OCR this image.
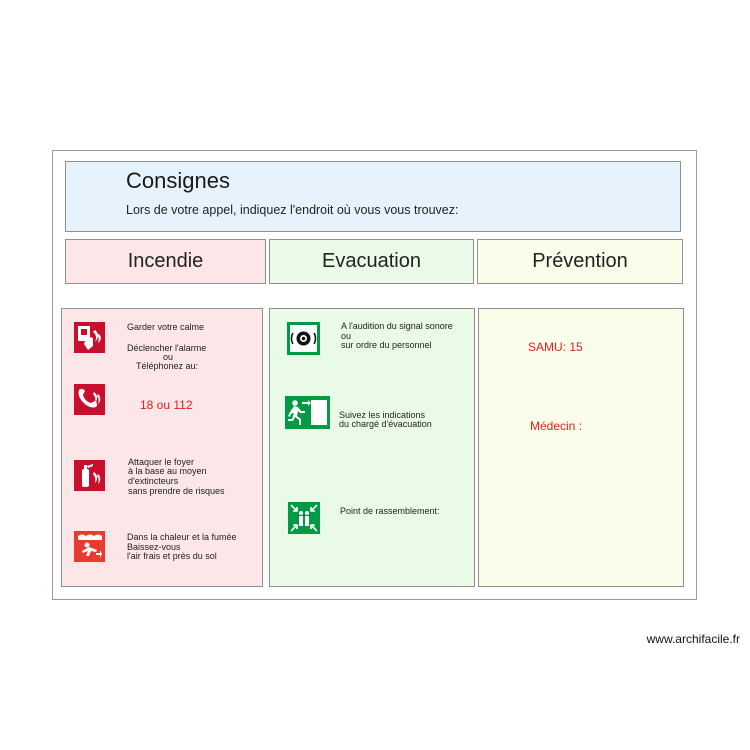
Consignes
Lors de votre appel, indiquez l'endroit où vous vous trouvez:
Incendie	Evacuation	Prévention
Garder votre calme
Déclencher l'alarme
ou
Téléphonez au:
18 ou 112
Attaquer le foyer
à la base au moyen
d'extincteurs
sans prendre de risques
Dans la chaleur et la fumée
Baissez-vous
l'air frais et près du sol
A l'audition du signal sonore
ou
sur ordre du personnel
Suivez les indications
du chargé d'évacuation
Point de rassemblement:
SAMU: 15
Médecin :
www.archifacile.fr
